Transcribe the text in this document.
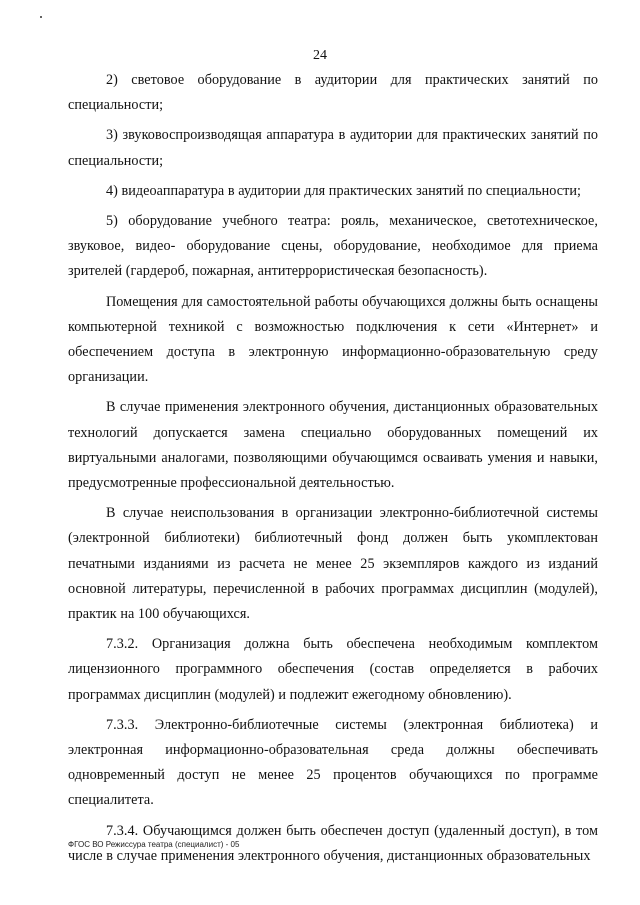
24

2) световое оборудование в аудитории для практических занятий по специальности;

3) звуковоспроизводящая аппаратура в аудитории для практических занятий по специальности;

4) видеоаппаратура в аудитории для практических занятий по специальности;

5) оборудование учебного театра: рояль, механическое, светотехническое, звуковое, видео- оборудование сцены, оборудование, необходимое для приема зрителей (гардероб, пожарная, антитеррористическая безопасность).

Помещения для самостоятельной работы обучающихся должны быть оснащены компьютерной техникой с возможностью подключения к сети «Интернет» и обеспечением доступа в электронную информационно-образовательную среду организации.

В случае применения электронного обучения, дистанционных образовательных технологий допускается замена специально оборудованных помещений их виртуальными аналогами, позволяющими обучающимся осваивать умения и навыки, предусмотренные профессиональной деятельностью.

В случае неиспользования в организации электронно-библиотечной системы (электронной библиотеки) библиотечный фонд должен быть укомплектован печатными изданиями из расчета не менее 25 экземпляров каждого из изданий основной литературы, перечисленной в рабочих программах дисциплин (модулей), практик на 100 обучающихся.

7.3.2. Организация должна быть обеспечена необходимым комплектом лицензионного программного обеспечения (состав определяется в рабочих программах дисциплин (модулей) и подлежит ежегодному обновлению).

7.3.3. Электронно-библиотечные системы (электронная библиотека) и электронная информационно-образовательная среда должны обеспечивать одновременный доступ не менее 25 процентов обучающихся по программе специалитета.

7.3.4. Обучающимся должен быть обеспечен доступ (удаленный доступ), в том числе в случае применения электронного обучения, дистанционных образовательных

ФГОС ВО Режиссура театра (специалист) - 05
